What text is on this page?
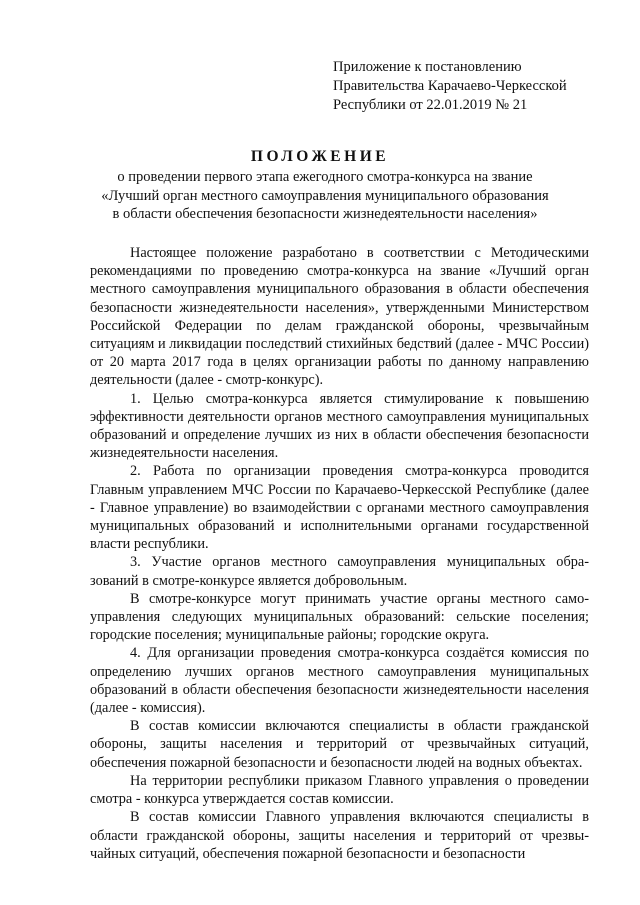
Приложение к постановлению
Правительства Карачаево-Черкесской
Республики от 22.01.2019 № 21
ПОЛОЖЕНИЕ
о проведении первого этапа ежегодного смотра-конкурса на звание
«Лучший орган местного самоуправления муниципального образования
в области обеспечения безопасности жизнедеятельности населения»

Настоящее положение разработано в соответствии с Методическими рекомендациями по проведению смотра-конкурса на звание «Лучший орган местного самоуправления муниципального образования в области обеспечения безопасности жизнедеятельности населения», утвержденными Министерством Российской Федерации по делам гражданской обороны, чрезвычайным ситуациям и ликвидации последствий стихийных бедствий (далее - МЧС России) от 20 марта 2017 года в целях организации работы по данному направлению деятельности (далее - смотр-конкурс).

1. Целью смотра-конкурса является стимулирование к повышению эффективности деятельности органов местного самоуправления муниципальных образований и определение лучших из них в области обеспечения безопасности жизнедеятельности населения.

2. Работа по организации проведения смотра-конкурса проводится Главным управлением МЧС России по Карачаево-Черкесской Республике (далее - Главное управление) во взаимодействии с органами местного самоуправления муниципальных образований и исполнительными органами государственной власти республики.

3. Участие органов местного самоуправления муниципальных образований в смотре-конкурсе является добровольным.

В смотре-конкурсе могут принимать участие органы местного самоуправления следующих муниципальных образований: сельские поселения; городские поселения; муниципальные районы; городские округа.

4. Для организации проведения смотра-конкурса создаётся комиссия по определению лучших органов местного самоуправления муниципальных образований в области обеспечения безопасности жизнедеятельности населения (далее - комиссия).

В состав комиссии включаются специалисты в области гражданской обороны, защиты населения и территорий от чрезвычайных ситуаций, обеспечения пожарной безопасности и безопасности людей на водных объектах.

На территории республики приказом Главного управления о проведении смотра - конкурса утверждается состав комиссии.

В состав комиссии Главного управления включаются специалисты в области гражданской обороны, защиты населения и территорий от чрезвычайных ситуаций, обеспечения пожарной безопасности и безопасности
